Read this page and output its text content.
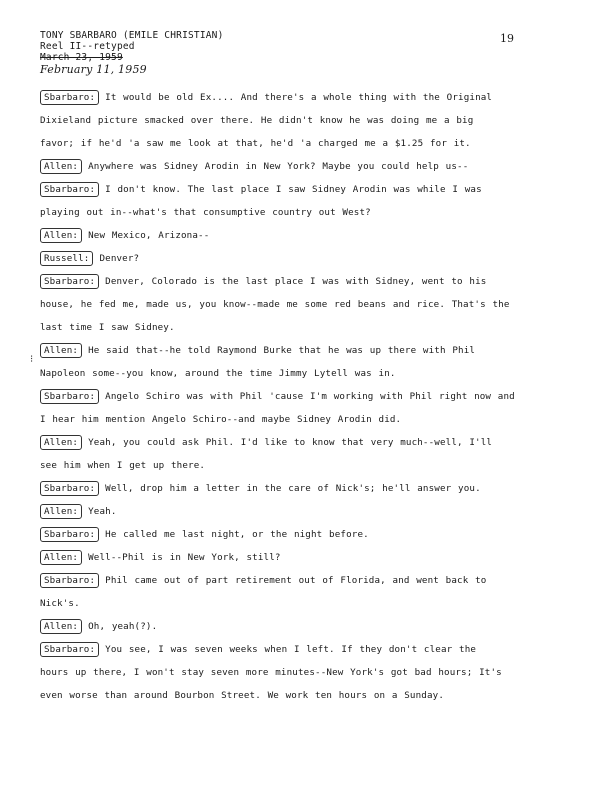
TONY SBARBARO (EMILE CHRISTIAN)
Reel II--retyped
March 23, 1959
February 11, 1959
19
⁝
Sbarbaro: It would be old Ex.... And there's a whole thing with the Original
Dixieland picture smacked over there. He didn't know he was doing me a big
favor; if he'd 'a saw me look at that, he'd 'a charged me a $1.25 for it.
Allen: Anywhere was Sidney Arodin in New York? Maybe you could help us--
Sbarbaro: I don't know. The last place I saw Sidney Arodin was while I was
playing out in--what's that consumptive country out West?
Allen: New Mexico, Arizona--
Russell: Denver?
Sbarbaro: Denver, Colorado is the last place I was with Sidney, went to his
house, he fed me, made us, you know--made me some red beans and rice. That's the
last time I saw Sidney.
Allen: He said that--he told Raymond Burke that he was up there with Phil
Napoleon some--you know, around the time Jimmy Lytell was in.
Sbarbaro: Angelo Schiro was with Phil 'cause I'm working with Phil right now and
I hear him mention Angelo Schiro--and maybe Sidney Arodin did.
Allen: Yeah, you could ask Phil. I'd like to know that very much--well, I'll
see him when I get up there.
Sbarbaro: Well, drop him a letter in the care of Nick's; he'll answer you.
Allen: Yeah.
Sbarbaro: He called me last night, or the night before.
Allen: Well--Phil is in New York, still?
Sbarbaro: Phil came out of part retirement out of Florida, and went back to
Nick's.
Allen: Oh, yeah(?).
Sbarbaro: You see, I was seven weeks when I left. If they don't clear the
hours up there, I won't stay seven more minutes--New York's got bad hours; It's
even worse than around Bourbon Street. We work ten hours on a Sunday.
